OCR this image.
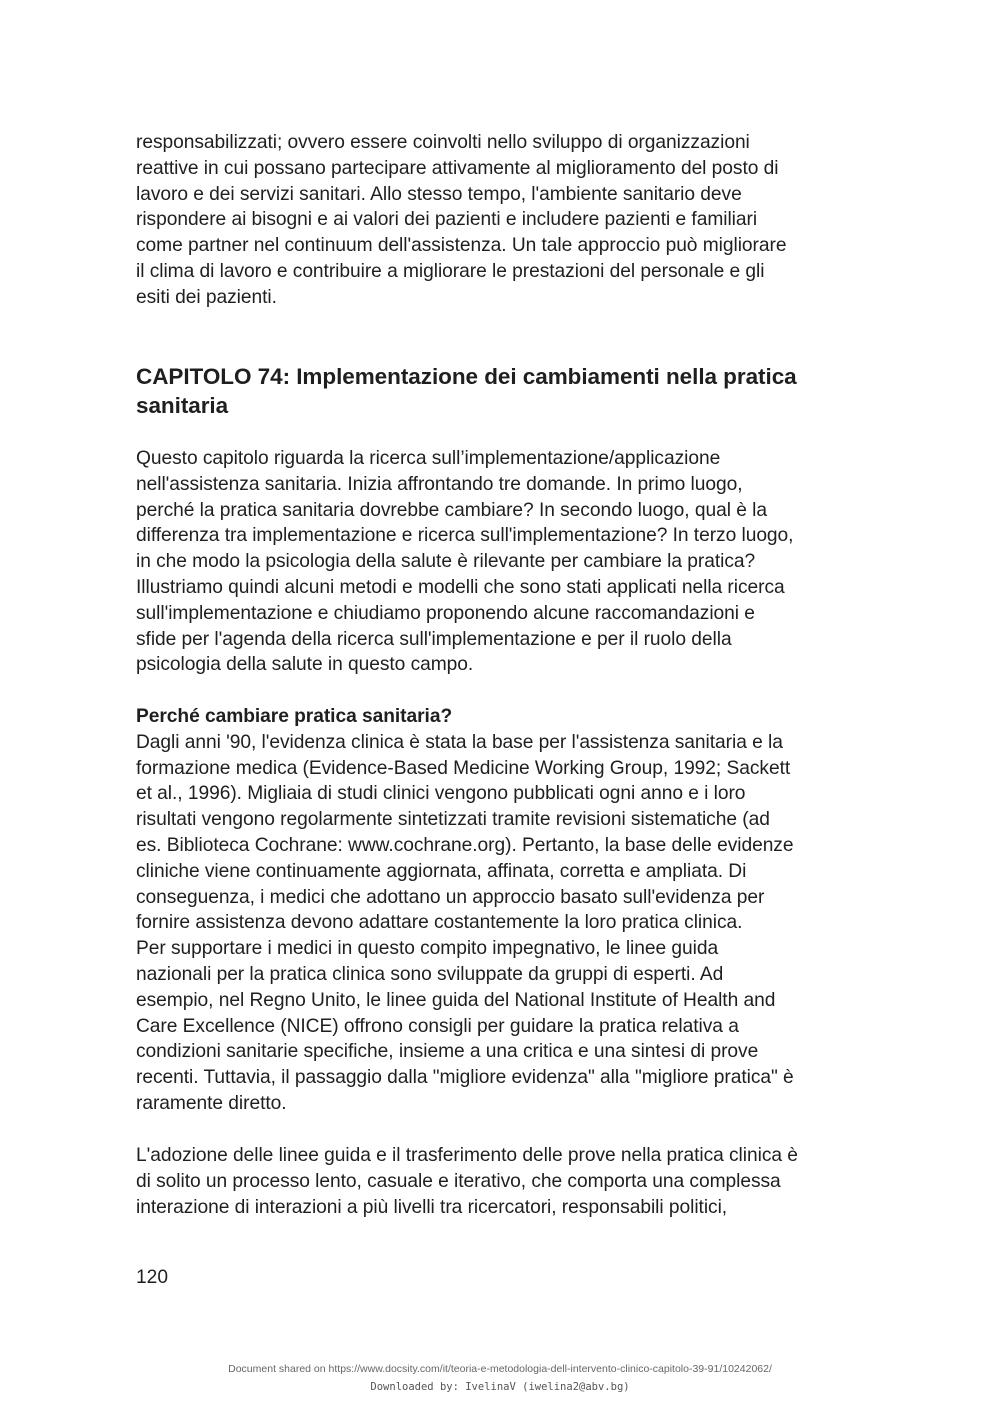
responsabilizzati; ovvero essere coinvolti nello sviluppo di organizzazioni
reattive in cui possano partecipare attivamente al miglioramento del posto di
lavoro e dei servizi sanitari. Allo stesso tempo, l'ambiente sanitario deve
rispondere ai bisogni e ai valori dei pazienti e includere pazienti e familiari
come partner nel continuum dell'assistenza. Un tale approccio può migliorare
il clima di lavoro e contribuire a migliorare le prestazioni del personale e gli
esiti dei pazienti.
CAPITOLO 74: Implementazione dei cambiamenti nella pratica
sanitaria
Questo capitolo riguarda la ricerca sull’implementazione/applicazione
nell'assistenza sanitaria. Inizia affrontando tre domande. In primo luogo,
perché la pratica sanitaria dovrebbe cambiare? In secondo luogo, qual è la
differenza tra implementazione e ricerca sull'implementazione? In terzo luogo,
in che modo la psicologia della salute è rilevante per cambiare la pratica?
Illustriamo quindi alcuni metodi e modelli che sono stati applicati nella ricerca
sull'implementazione e chiudiamo proponendo alcune raccomandazioni e
sfide per l'agenda della ricerca sull'implementazione e per il ruolo della
psicologia della salute in questo campo.
Perché cambiare pratica sanitaria?
Dagli anni '90, l'evidenza clinica è stata la base per l'assistenza sanitaria e la
formazione medica (Evidence-Based Medicine Working Group, 1992; Sackett
et al., 1996). Migliaia di studi clinici vengono pubblicati ogni anno e i loro
risultati vengono regolarmente sintetizzati tramite revisioni sistematiche (ad
es. Biblioteca Cochrane: www.cochrane.org). Pertanto, la base delle evidenze
cliniche viene continuamente aggiornata, affinata, corretta e ampliata. Di
conseguenza, i medici che adottano un approccio basato sull'evidenza per
fornire assistenza devono adattare costantemente la loro pratica clinica.
Per supportare i medici in questo compito impegnativo, le linee guida
nazionali per la pratica clinica sono sviluppate da gruppi di esperti. Ad
esempio, nel Regno Unito, le linee guida del National Institute of Health and
Care Excellence (NICE) offrono consigli per guidare la pratica relativa a
condizioni sanitarie specifiche, insieme a una critica e una sintesi di prove
recenti. Tuttavia, il passaggio dalla "migliore evidenza" alla "migliore pratica" è
raramente diretto.
L'adozione delle linee guida e il trasferimento delle prove nella pratica clinica è
di solito un processo lento, casuale e iterativo, che comporta una complessa
interazione di interazioni a più livelli tra ricercatori, responsabili politici,
120
Document shared on https://www.docsity.com/it/teoria-e-metodologia-dell-intervento-clinico-capitolo-39-91/10242062/
Downloaded by: IvelinaV (iwelina2@abv.bg)
